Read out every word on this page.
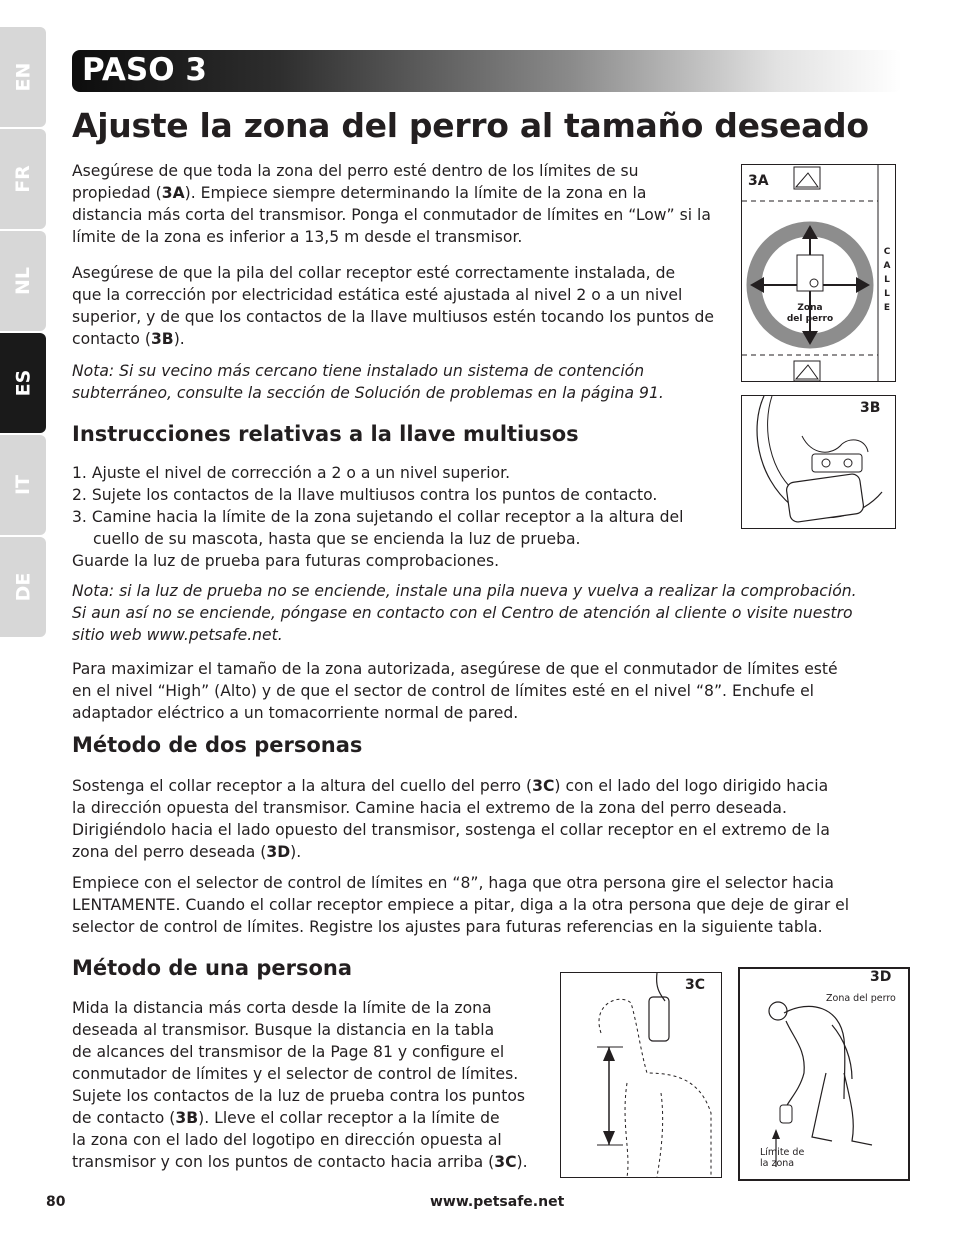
EN
FR
NL
ES
IT
DE
PASO 3
Ajuste la zona del perro al tamaño deseado

Asegúrese de que toda la zona del perro esté dentro de los límites de su
propiedad (3A). Empiece siempre determinando la límite de la zona en la
distancia más corta del transmisor. Ponga el conmutador de límites en “Low” si la
límite de la zona es inferior a 13,5 m desde el transmisor.

Asegúrese de que la pila del collar receptor esté correctamente instalada, de
que la corrección por electricidad estática esté ajustada al nivel 2 o a un nivel
superior, y de que los contactos de la llave multiusos estén tocando los puntos de
contacto (3B).

Nota: Si su vecino más cercano tiene instalado un sistema de contención
subterráneo, consulte la sección de Solución de problemas en la página 91.

Instrucciones relativas a la llave multiusos
1. Ajuste el nivel de corrección a 2 o a un nivel superior.
2. Sujete los contactos de la llave multiusos contra los puntos de contacto.
3. Camine hacia la límite de la zona sujetando el collar receptor a la altura del cuello de su mascota, hasta que se encienda la luz de prueba.

Guarde la luz de prueba para futuras comprobaciones.

Nota: si la luz de prueba no se enciende, instale una pila nueva y vuelva a realizar la comprobación.
Si aun así no se enciende, póngase en contacto con el Centro de atención al cliente o visite nuestro
sitio web www.petsafe.net.

Para maximizar el tamaño de la zona autorizada, asegúrese de que el conmutador de límites esté
en el nivel “High” (Alto) y de que el sector de control de límites esté en el nivel “8”. Enchufe el
adaptador eléctrico a un tomacorriente normal de pared.

Método de dos personas

Sostenga el collar receptor a la altura del cuello del perro (3C) con el lado del logo dirigido hacia
la dirección opuesta del transmisor. Camine hacia el extremo de la zona del perro deseada.
Dirigiéndolo hacia el lado opuesto del transmisor, sostenga el collar receptor en el extremo de la
zona del perro deseada (3D).

Empiece con el selector de control de límites en “8”, haga que otra persona gire el selector hacia
LENTAMENTE. Cuando el collar receptor empiece a pitar, diga a la otra persona que deje de girar el
selector de control de límites. Registre los ajustes para futuras referencias en la siguiente tabla.

Método de una persona

Mida la distancia más corta desde la límite de la zona
deseada al transmisor. Busque la distancia en la tabla
de alcances del transmisor de la Page 81 y configure el
conmutador de límites y el selector de control de límites.
Sujete los contactos de la luz de prueba contra los puntos
de contacto (3B). Lleve el collar receptor a la límite de
la zona con el lado del logotipo en dirección opuesta al
transmisor y con los puntos de contacto hacia arriba (3C).

3A
C A L L E
Zona
del perro
3B
3C	3D
Zona del perro
Límite de
la zona
80	www.petsafe.net
